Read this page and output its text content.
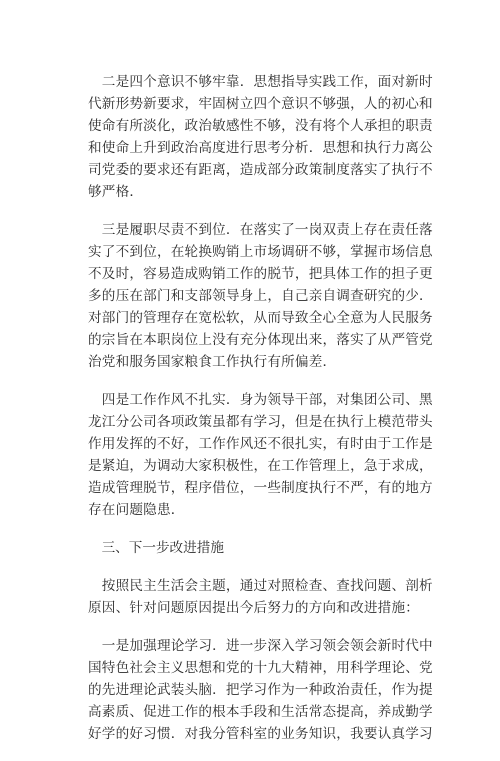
　二是四个意识不够牢靠．思想指导实践工作，面对新时
代新形势新要求，牢固树立四个意识不够强，人的初心和
使命有所淡化，政治敏感性不够，没有将个人承担的职责
和使命上升到政治高度进行思考分析．思想和执行力离公
司党委的要求还有距离，造成部分政策制度落实了执行不
够严格．
　三是履职尽责不到位．在落实了一岗双责上存在责任落
实了不到位，在轮换购销上市场调研不够，掌握市场信息
不及时，容易造成购销工作的脱节，把具体工作的担子更
多的压在部门和支部领导身上，自己亲自调查研究的少．
对部门的管理存在宽松软，从而导致全心全意为人民服务
的宗旨在本职岗位上没有充分体现出来，落实了从严管党
治党和服务国家粮食工作执行有所偏差．
　四是工作作风不扎实．身为领导干部，对集团公司、黑
龙江分公司各项政策虽都有学习，但是在执行上模范带头
作用发挥的不好，工作作风还不很扎实，有时由于工作是
是紧迫，为调动大家积极性，在工作管理上，急于求成，
造成管理脱节，程序借位，一些制度执行不严，有的地方
存在问题隐患．
　三、下一步改进措施
　按照民主生活会主题，通过对照检查、查找问题、剖析
原因、针对问题原因提出今后努力的方向和改进措施：
　一是加强理论学习．进一步深入学习领会领会新时代中
国特色社会主义思想和党的十九大精神，用科学理论、党
的先进理论武装头脑．把学习作为一种政治责任，作为提
高素质、促进工作的根本手段和生活常态提高，养成勤学
好学的好习惯．对我分管科室的业务知识，我要认真学习
